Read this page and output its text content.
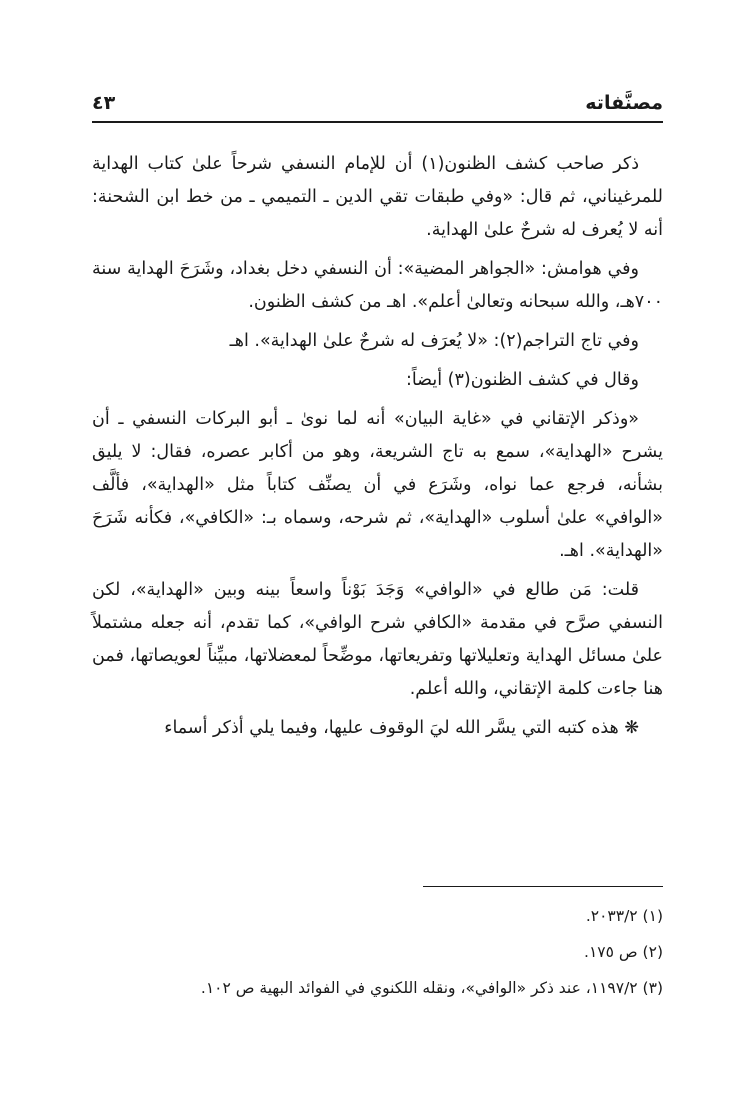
مصنَّفاته
٤٣

ذكر صاحب كشف الظنون(١) أن للإمام النسفي شرحاً علىٰ كتاب الهداية للمرغيناني، ثم قال: «وفي طبقات تقي الدين ـ التميمي ـ من خط ابن الشحنة: أنه لا يُعرف له شرحٌ علىٰ الهداية.

وفي هوامش: «الجواهر المضية»: أن النسفي دخل بغداد، وشَرَحَ الهداية سنة ٧٠٠هـ، والله سبحانه وتعالىٰ أعلم». اهـ من كشف الظنون.

وفي تاج التراجم(٢): «لا يُعرَف له شرحٌ علىٰ الهداية». اهـ

وقال في كشف الظنون(٣) أيضاً:

«وذكر الإتقاني في «غاية البيان» أنه لما نوىٰ ـ أبو البركات النسفي ـ أن يشرح «الهداية»، سمع به تاج الشريعة، وهو من أكابر عصره، فقال: لا يليق بشأنه، فرجع عما نواه، وشَرَع في أن يصنِّف كتاباً مثل «الهداية»، فألَّف «الوافي» علىٰ أسلوب «الهداية»، ثم شرحه، وسماه بـ: «الكافي»، فكأنه شَرَحَ «الهداية». اهـ.

قلت: مَن طالع في «الوافي» وَجَدَ بَوْناً واسعاً بينه وبين «الهداية»، لكن النسفي صرَّح في مقدمة «الكافي شرح الوافي»، كما تقدم، أنه جعله مشتملاً علىٰ مسائل الهداية وتعليلاتها وتفريعاتها، موضِّحاً لمعضلاتها، مبيِّناً لعويصاتها، فمن هنا جاءت كلمة الإتقاني، والله أعلم.

❋ هذه كتبه التي يسَّر الله ليَ الوقوف عليها، وفيما يلي أذكر أسماء

(١) ٢٠٣٣/٢.
(٢) ص ١٧٥.
(٣) ١١٩٧/٢، عند ذكر «الوافي»، ونقله اللكنوي في الفوائد البهية ص ١٠٢.
